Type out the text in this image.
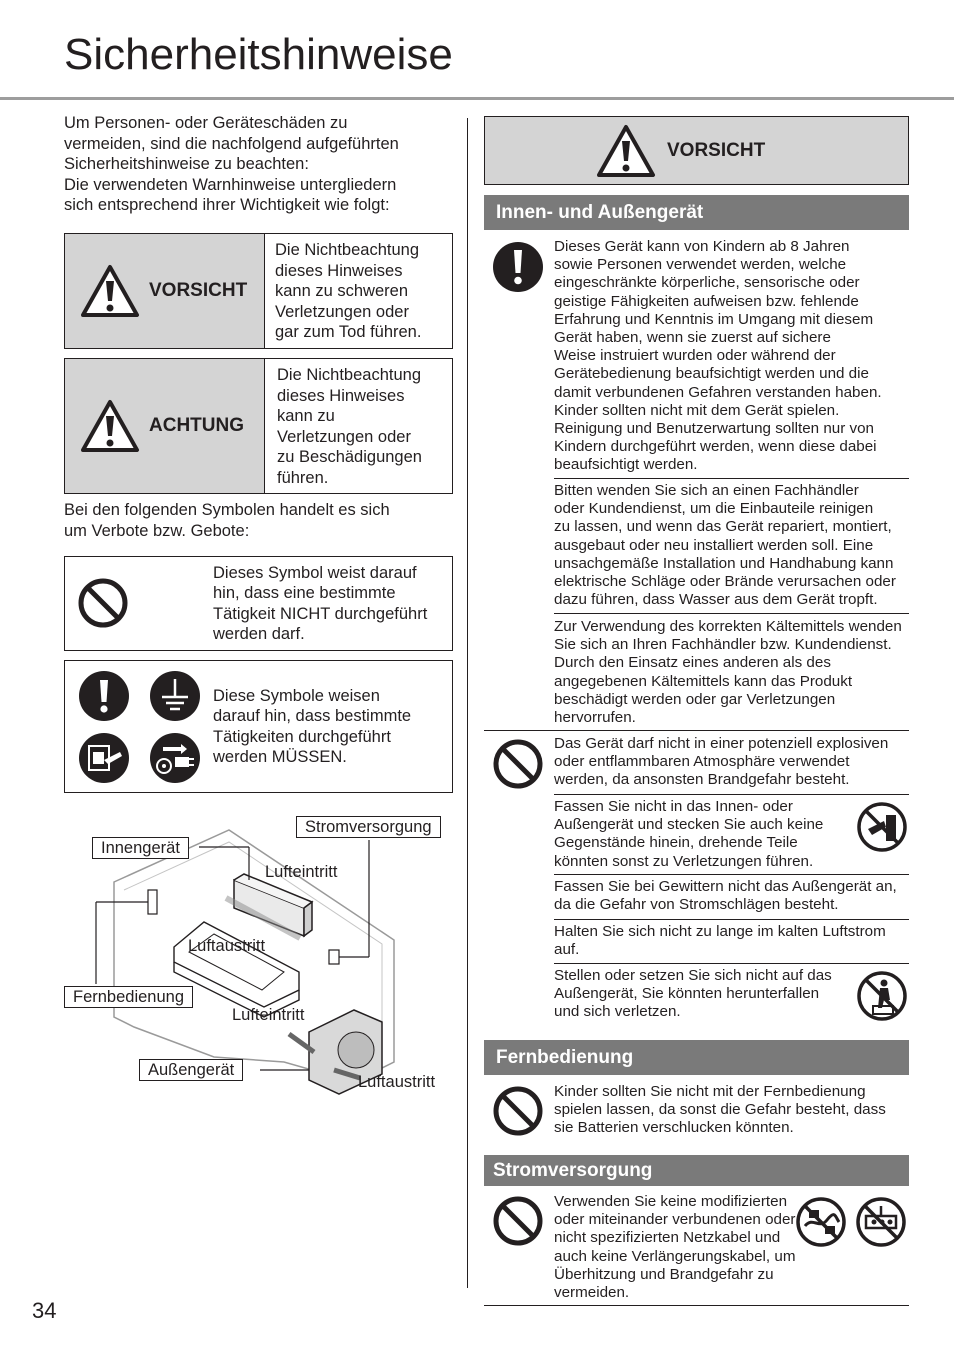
Sicherheitshinweise

Um Personen- oder Geräteschäden zu

vermeiden, sind die nachfolgend aufgeführten

Sicherheitshinweise zu beachten:

Die verwendeten Warnhinweise untergliedern

sich entsprechend ihrer Wichtigkeit wie folgt:

VORSICHT
Die Nichtbeachtung
dieses Hinweises
kann zu schweren
Verletzungen oder
gar zum Tod führen.
ACHTUNG
Die Nichtbeachtung
dieses Hinweises
kann zu
Verletzungen oder
zu Beschädigungen
führen.
Bei den folgenden Symbolen handelt es sich
um Verbote bzw. Gebote:
Dieses Symbol weist darauf
hin, dass eine bestimmte
Tätigkeit NICHT durchgeführt
werden darf.
Diese Symbole weisen
darauf hin, dass bestimmte
Tätigkeiten durchgeführt
werden MÜSSEN.
Stromversorgung
Innengerät
Lufteintritt
Luftaustritt
Fernbedienung
Lufteintritt
Außengerät
Luftaustritt
34
VORSICHT
Innen- und Außengerät
Dieses Gerät kann von Kindern ab 8 Jahren
sowie Personen verwendet werden, welche
eingeschränkte körperliche, sensorische oder
geistige Fähigkeiten aufweisen bzw. fehlende
Erfahrung und Kenntnis im Umgang mit diesem
Gerät haben, wenn sie zuerst auf sichere
Weise instruiert wurden oder während der
Gerätebedienung beaufsichtigt werden und die
damit verbundenen Gefahren verstanden haben.
Kinder sollten nicht mit dem Gerät spielen.
Reinigung und Benutzerwartung sollten nur von
Kindern durchgeführt werden, wenn diese dabei
beaufsichtigt werden.
Bitten wenden Sie sich an einen Fachhändler
oder Kundendienst, um die Einbauteile reinigen
zu lassen, und wenn das Gerät repariert, montiert,
ausgebaut oder neu installiert werden soll. Eine
unsachgemäße Installation und Handhabung kann
elektrische Schläge oder Brände verursachen oder
dazu führen, dass Wasser aus dem Gerät tropft.
Zur Verwendung des korrekten Kältemittels wenden
Sie sich an Ihren Fachhändler bzw. Kundendienst.
Durch den Einsatz eines anderen als des
angegebenen Kältemittels kann das Produkt
beschädigt werden oder gar Verletzungen
hervorrufen.
Das Gerät darf nicht in einer potenziell explosiven
oder entflammbaren Atmosphäre verwendet
werden, da ansonsten Brandgefahr besteht.
Fassen Sie nicht in das Innen- oder
Außengerät und stecken Sie auch keine
Gegenstände hinein, drehende Teile
könnten sonst zu Verletzungen führen.
Fassen Sie bei Gewittern nicht das Außengerät an,
da die Gefahr von Stromschlägen besteht.
Halten Sie sich nicht zu lange im kalten Luftstrom
auf.
Stellen oder setzen Sie sich nicht auf das
Außengerät, Sie könnten herunterfallen
und sich verletzen.
Fernbedienung
Kinder sollten Sie nicht mit der Fernbedienung
spielen lassen, da sonst die Gefahr besteht, dass
sie Batterien verschlucken könnten.
Stromversorgung
Verwenden Sie keine modifizierten
oder miteinander verbundenen oder
nicht spezifizierten Netzkabel und
auch keine Verlängerungskabel, um
Überhitzung und Brandgefahr zu
vermeiden.
